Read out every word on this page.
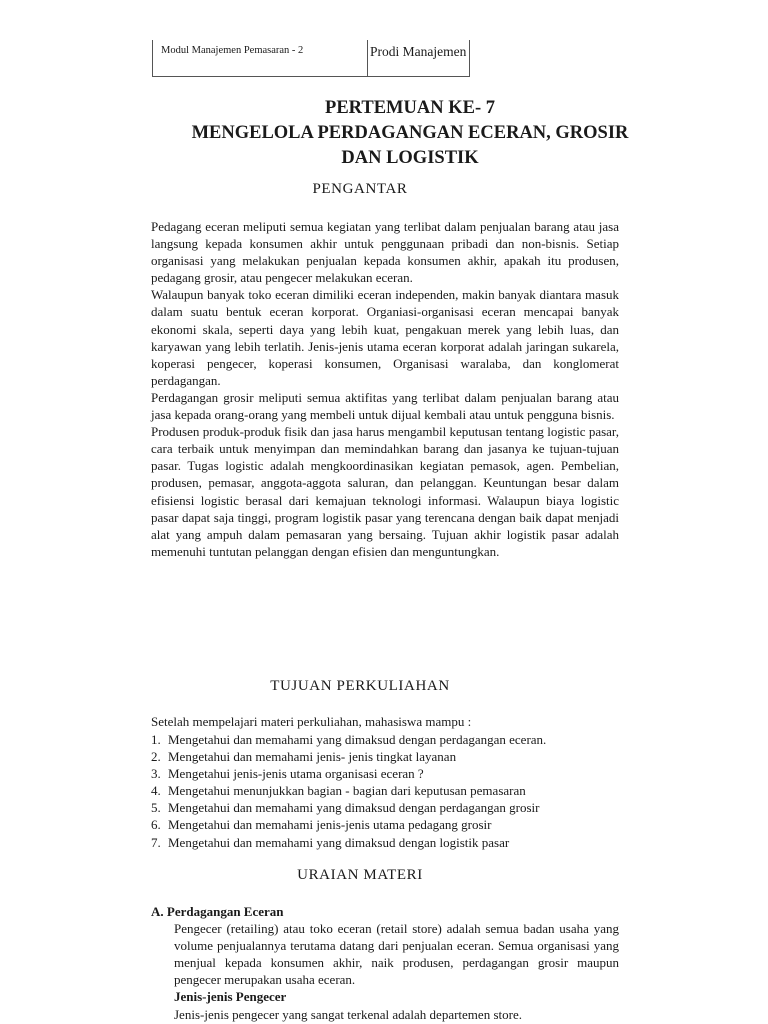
Modul Manajemen Pemasaran - 2	Prodi Manajemen
PERTEMUAN KE- 7
MENGELOLA PERDAGANGAN ECERAN, GROSIR
DAN LOGISTIK
PENGANTAR

Pedagang eceran meliputi semua kegiatan yang terlibat dalam penjualan barang atau jasa langsung kepada konsumen akhir untuk penggunaan pribadi dan non-bisnis. Setiap organisasi yang melakukan penjualan kepada konsumen akhir, apakah itu produsen, pedagang grosir, atau pengecer melakukan eceran.

Walaupun banyak toko eceran dimiliki eceran independen, makin banyak diantara masuk dalam suatu bentuk eceran korporat. Organiasi-organisasi eceran mencapai banyak ekonomi skala, seperti daya yang lebih kuat, pengakuan merek yang lebih luas, dan karyawan yang lebih terlatih. Jenis-jenis utama eceran korporat adalah jaringan sukarela, koperasi pengecer, koperasi konsumen, Organisasi waralaba, dan konglomerat perdagangan.

Perdagangan grosir meliputi semua aktifitas yang terlibat dalam penjualan barang atau jasa kepada orang-orang yang membeli untuk dijual kembali atau untuk pengguna bisnis.

Produsen produk-produk fisik dan jasa harus mengambil keputusan tentang logistic pasar, cara terbaik untuk menyimpan dan memindahkan barang dan jasanya ke tujuan-tujuan pasar. Tugas logistic adalah mengkoordinasikan kegiatan pemasok, agen. Pembelian, produsen, pemasar, anggota-aggota saluran, dan pelanggan. Keuntungan besar dalam efisiensi logistic berasal dari kemajuan teknologi informasi. Walaupun biaya logistic pasar dapat saja tinggi, program logistik pasar yang terencana dengan baik dapat menjadi alat yang ampuh dalam pemasaran yang bersaing. Tujuan akhir logistik pasar adalah memenuhi tuntutan pelanggan dengan efisien dan menguntungkan.

TUJUAN PERKULIAHAN
Setelah mempelajari materi perkuliahan, mahasiswa mampu :
1. Mengetahui dan memahami yang dimaksud dengan perdagangan eceran.
2. Mengetahui dan memahami jenis- jenis tingkat layanan
3. Mengetahui jenis-jenis utama organisasi eceran ?
4. Mengetahui menunjukkan bagian - bagian dari keputusan pemasaran
5. Mengetahui dan memahami yang dimaksud dengan perdagangan grosir
6. Mengetahui dan memahami jenis-jenis utama pedagang grosir
7. Mengetahui dan memahami yang dimaksud dengan logistik pasar
URAIAN MATERI
A. Perdagangan Eceran

Pengecer (retailing) atau toko eceran (retail store) adalah semua badan usaha yang volume penjualannya terutama datang dari penjualan eceran. Semua organisasi yang menjual kepada konsumen akhir, naik produsen, perdagangan grosir maupun pengecer merupakan usaha eceran.

Jenis-jenis Pengecer

Jenis-jenis pengecer yang sangat terkenal adalah departemen store.
